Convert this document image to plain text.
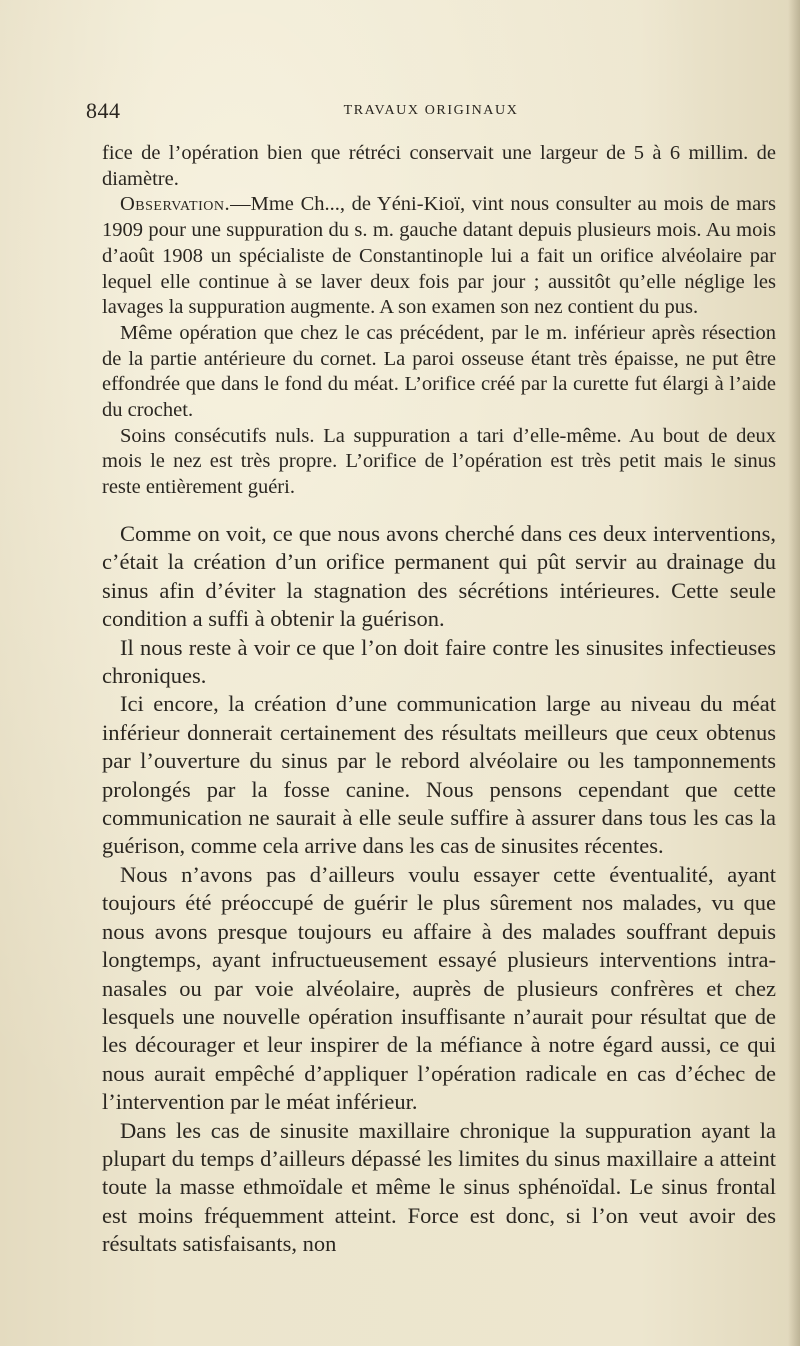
844	TRAVAUX ORIGINAUX

fice de l’opération bien que rétréci conservait une largeur de 5 à 6 millim. de diamètre.

Observation.—Mme Ch..., de Yéni-Kioï, vint nous consulter au mois de mars 1909 pour une suppuration du s. m. gauche datant depuis plusieurs mois. Au mois d’août 1908 un spécialiste de Constantinople lui a fait un orifice alvéolaire par lequel elle continue à se laver deux fois par jour ; aussitôt qu’elle néglige les lavages la suppuration augmente. A son examen son nez contient du pus.

Même opération que chez le cas précédent, par le m. inférieur après résection de la partie antérieure du cornet. La paroi osseuse étant très épaisse, ne put être effondrée que dans le fond du méat. L’orifice créé par la curette fut élargi à l’aide du crochet.

Soins consécutifs nuls. La suppuration a tari d’elle-même. Au bout de deux mois le nez est très propre. L’orifice de l’opération est très petit mais le sinus reste entièrement guéri.

Comme on voit, ce que nous avons cherché dans ces deux interventions, c’était la création d’un orifice permanent qui pût servir au drainage du sinus afin d’éviter la stagnation des sécrétions intérieures. Cette seule condition a suffi à obtenir la guérison.

Il nous reste à voir ce que l’on doit faire contre les sinusites infectieuses chroniques.

Ici encore, la création d’une communication large au niveau du méat inférieur donnerait certainement des résultats meilleurs que ceux obtenus par l’ouverture du sinus par le rebord alvéolaire ou les tamponnements prolongés par la fosse canine. Nous pensons cependant que cette communication ne saurait à elle seule suffire à assurer dans tous les cas la guérison, comme cela arrive dans les cas de sinusites récentes.

Nous n’avons pas d’ailleurs voulu essayer cette éventualité, ayant toujours été préoccupé de guérir le plus sûrement nos malades, vu que nous avons presque toujours eu affaire à des malades souffrant depuis longtemps, ayant infructueusement essayé plusieurs interventions intra-nasales ou par voie alvéolaire, auprès de plusieurs confrères et chez lesquels une nouvelle opération insuffisante n’aurait pour résultat que de les décourager et leur inspirer de la méfiance à notre égard aussi, ce qui nous aurait empêché d’appliquer l’opération radicale en cas d’échec de l’intervention par le méat inférieur.

Dans les cas de sinusite maxillaire chronique la suppuration ayant la plupart du temps d’ailleurs dépassé les limites du sinus maxillaire a atteint toute la masse ethmoïdale et même le sinus sphénoïdal. Le sinus frontal est moins fréquemment atteint. Force est donc, si l’on veut avoir des résultats satisfaisants, non
